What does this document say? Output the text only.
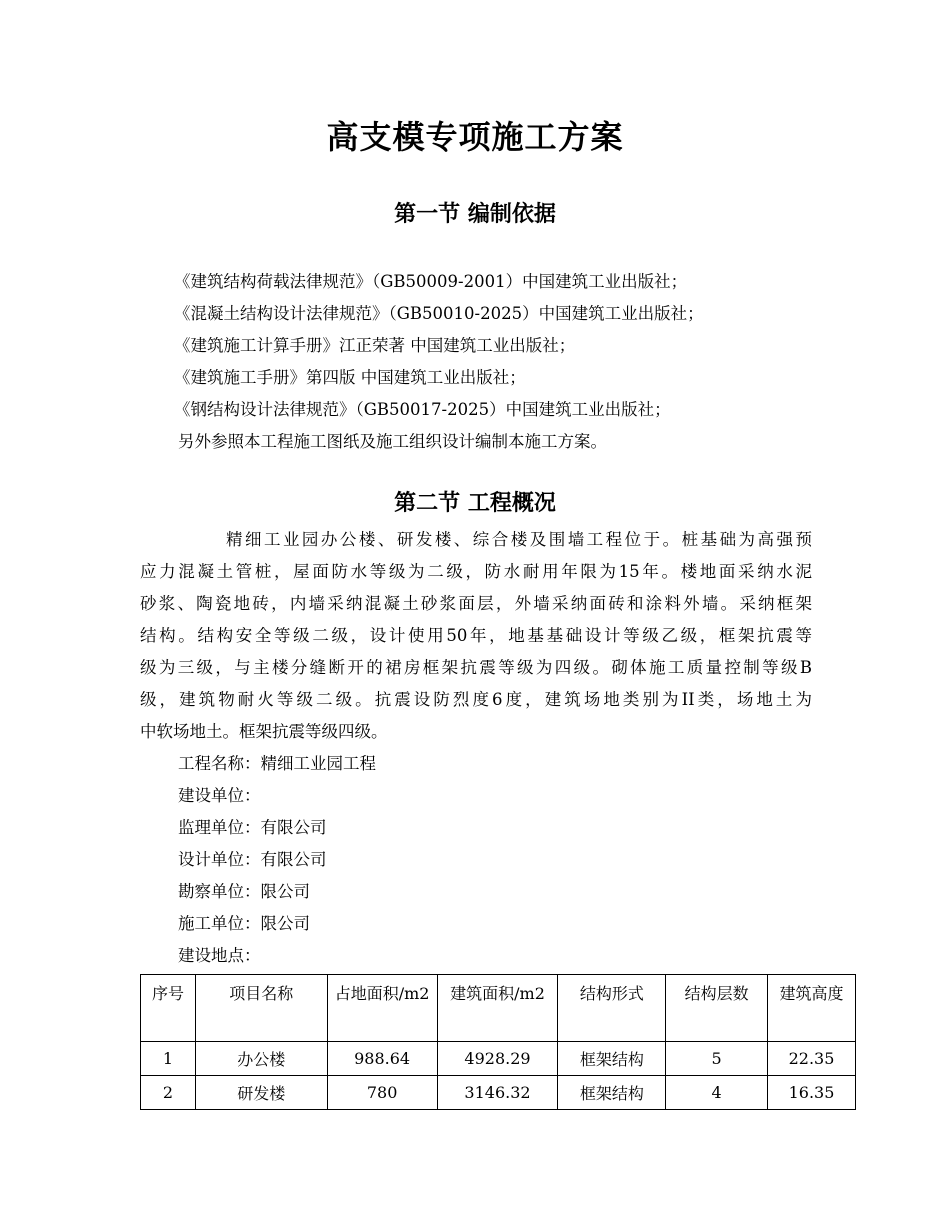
高支模专项施工方案
第一节 编制依据
《建筑结构荷载法律规范》（GB50009-2001）中国建筑工业出版社；
《混凝土结构设计法律规范》（GB50010-2025）中国建筑工业出版社；
《建筑施工计算手册》江正荣著 中国建筑工业出版社；
《建筑施工手册》第四版 中国建筑工业出版社；
《钢结构设计法律规范》（GB50017-2025）中国建筑工业出版社；
另外参照本工程施工图纸及施工组织设计编制本施工方案。
第二节 工程概况
精细工业园办公楼、研发楼、综合楼及围墙工程位于。桩基础为高强预
应力混凝土管桩，屋面防水等级为二级，防水耐用年限为15年。楼地面采纳水泥
砂浆、陶瓷地砖，内墙采纳混凝土砂浆面层，外墙采纳面砖和涂料外墙。采纳框架
结构。结构安全等级二级，设计使用50年，地基基础设计等级乙级，框架抗震等
级为三级，与主楼分缝断开的裙房框架抗震等级为四级。砌体施工质量控制等级B
级，建筑物耐火等级二级。抗震设防烈度6度，建筑场地类别为II类，场地土为
中软场地土。框架抗震等级四级。
工程名称：精细工业园工程
建设单位：
监理单位：有限公司
设计单位：有限公司
勘察单位：限公司
施工单位：限公司
建设地点：
序号	项目名称	占地面积/m2	建筑面积/m2	结构形式	结构层数	建筑高度
1	办公楼	988.64	4928.29	框架结构	5	22.35
2	研发楼	780	3146.32	框架结构	4	16.35
